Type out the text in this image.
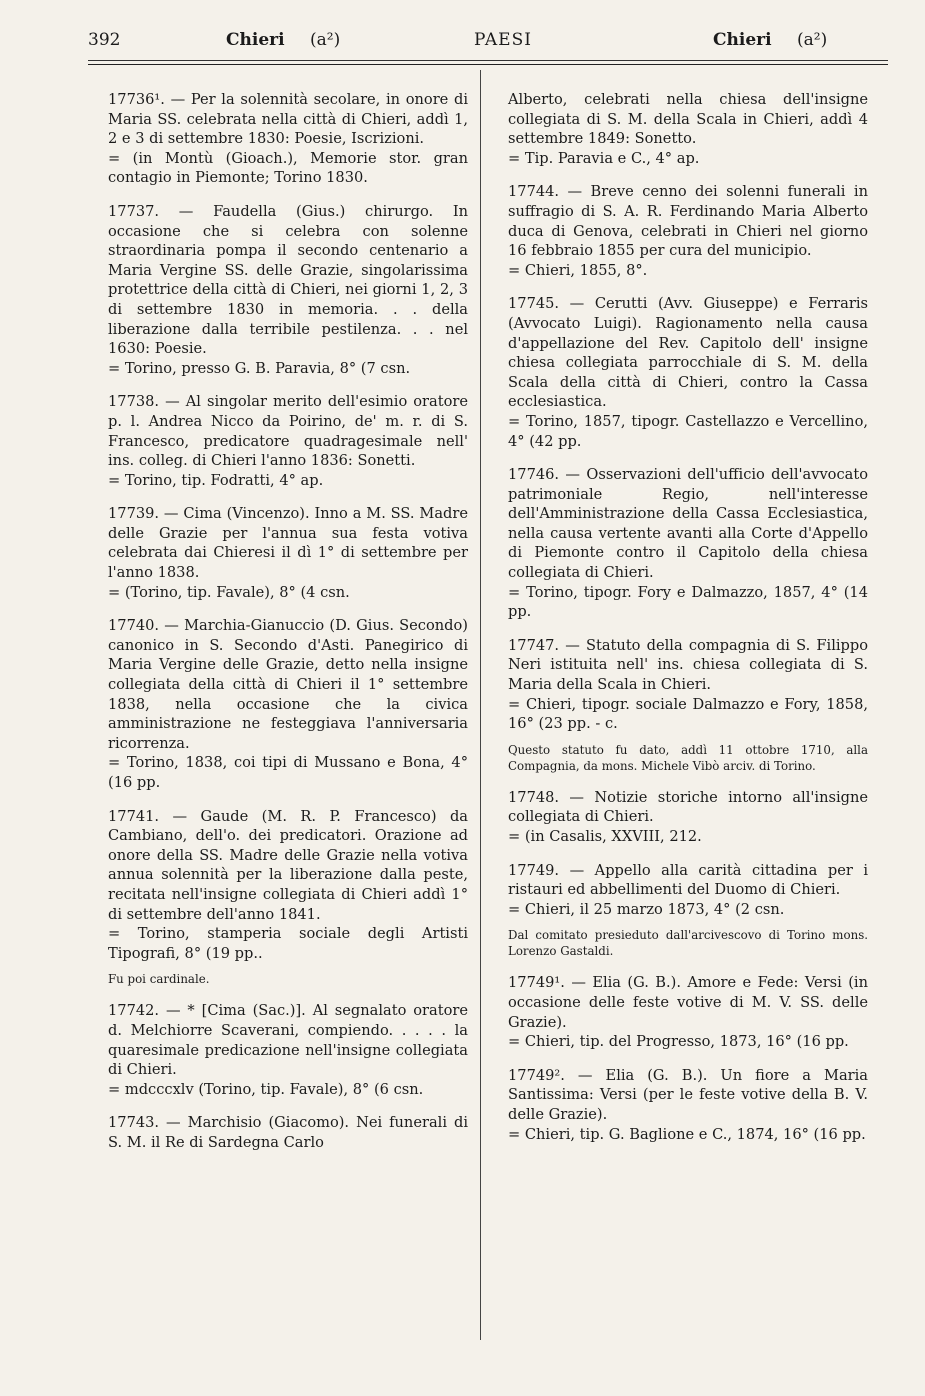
392	Chieri (a²)	PAESI	Chieri (a²)

17736¹. — Per la solennità secolare, in onore di Maria SS. celebrata nella città di Chieri, addì 1, 2 e 3 di settembre 1830: Poesie, Iscrizioni.

= (in Montù (Gioach.), Memorie stor. gran contagio in Piemonte; Torino 1830.

17737. — Faudella (Gius.) chirurgo. In occasione che si celebra con solenne straordinaria pompa il secondo centenario a Maria Vergine SS. delle Grazie, singolarissima protettrice della città di Chieri, nei giorni 1, 2, 3 di settembre 1830 in memoria. . . della liberazione dalla terribile pestilenza. . . nel 1630: Poesie.

= Torino, presso G. B. Paravia, 8° (7 csn.

17738. — Al singolar merito dell'esimio oratore p. l. Andrea Nicco da Poirino, de' m. r. di S. Francesco, predicatore quadragesimale nell' ins. colleg. di Chieri l'anno 1836: Sonetti.

= Torino, tip. Fodratti, 4° ap.

17739. — Cima (Vincenzo). Inno a M. SS. Madre delle Grazie per l'annua sua festa votiva celebrata dai Chieresi il dì 1° di settembre per l'anno 1838.

= (Torino, tip. Favale), 8° (4 csn.

17740. — Marchia-Gianuccio (D. Gius. Secondo) canonico in S. Secondo d'Asti. Panegirico di Maria Vergine delle Grazie, detto nella insigne collegiata della città di Chieri il 1° settembre 1838, nella occasione che la civica amministrazione ne festeggiava l'anniversaria ricorrenza.

= Torino, 1838, coi tipi di Mussano e Bona, 4° (16 pp.

17741. — Gaude (M. R. P. Francesco) da Cambiano, dell'o. dei predicatori. Orazione ad onore della SS. Madre delle Grazie nella votiva annua solennità per la liberazione dalla peste, recitata nell'insigne collegiata di Chieri addì 1° di settembre dell'anno 1841.

= Torino, stamperia sociale degli Artisti Tipografi, 8° (19 pp..

Fu poi cardinale.

17742. — * [Cima (Sac.)]. Al segnalato oratore d. Melchiorre Scaverani, compiendo. . . . . la quaresimale predicazione nell'insigne collegiata di Chieri.

= mdcccxlv (Torino, tip. Favale), 8° (6 csn.

17743. — Marchisio (Giacomo). Nei funerali di S. M. il Re di Sardegna Carlo

Alberto, celebrati nella chiesa dell'insigne collegiata di S. M. della Scala in Chieri, addì 4 settembre 1849: Sonetto.

= Tip. Paravia e C., 4° ap.

17744. — Breve cenno dei solenni funerali in suffragio di S. A. R. Ferdinando Maria Alberto duca di Genova, celebrati in Chieri nel giorno 16 febbraio 1855 per cura del municipio.

= Chieri, 1855, 8°.

17745. — Cerutti (Avv. Giuseppe) e Ferraris (Avvocato Luigi). Ragionamento nella causa d'appellazione del Rev. Capitolo dell' insigne chiesa collegiata parrocchiale di S. M. della Scala della città di Chieri, contro la Cassa ecclesiastica.

= Torino, 1857, tipogr. Castellazzo e Vercellino, 4° (42 pp.

17746. — Osservazioni dell'ufficio dell'avvocato patrimoniale Regio, nell'interesse dell'Amministrazione della Cassa Ecclesiastica, nella causa vertente avanti alla Corte d'Appello di Piemonte contro il Capitolo della chiesa collegiata di Chieri.

= Torino, tipogr. Fory e Dalmazzo, 1857, 4° (14 pp.

17747. — Statuto della compagnia di S. Filippo Neri istituita nell' ins. chiesa collegiata di S. Maria della Scala in Chieri.

= Chieri, tipogr. sociale Dalmazzo e Fory, 1858, 16° (23 pp. - c.

Questo statuto fu dato, addì 11 ottobre 1710, alla Compagnia, da mons. Michele Vibò arciv. di Torino.

17748. — Notizie storiche intorno all'insigne collegiata di Chieri.

= (in Casalis, XXVIII, 212.

17749. — Appello alla carità cittadina per i ristauri ed abbellimenti del Duomo di Chieri.

= Chieri, il 25 marzo 1873, 4° (2 csn.

Dal comitato presieduto dall'arcivescovo di Torino mons. Lorenzo Gastaldi.

17749¹. — Elia (G. B.). Amore e Fede: Versi (in occasione delle feste votive di M. V. SS. delle Grazie).

= Chieri, tip. del Progresso, 1873, 16° (16 pp.

17749². — Elia (G. B.). Un fiore a Maria Santissima: Versi (per le feste votive della B. V. delle Grazie).

= Chieri, tip. G. Baglione e C., 1874, 16° (16 pp.
